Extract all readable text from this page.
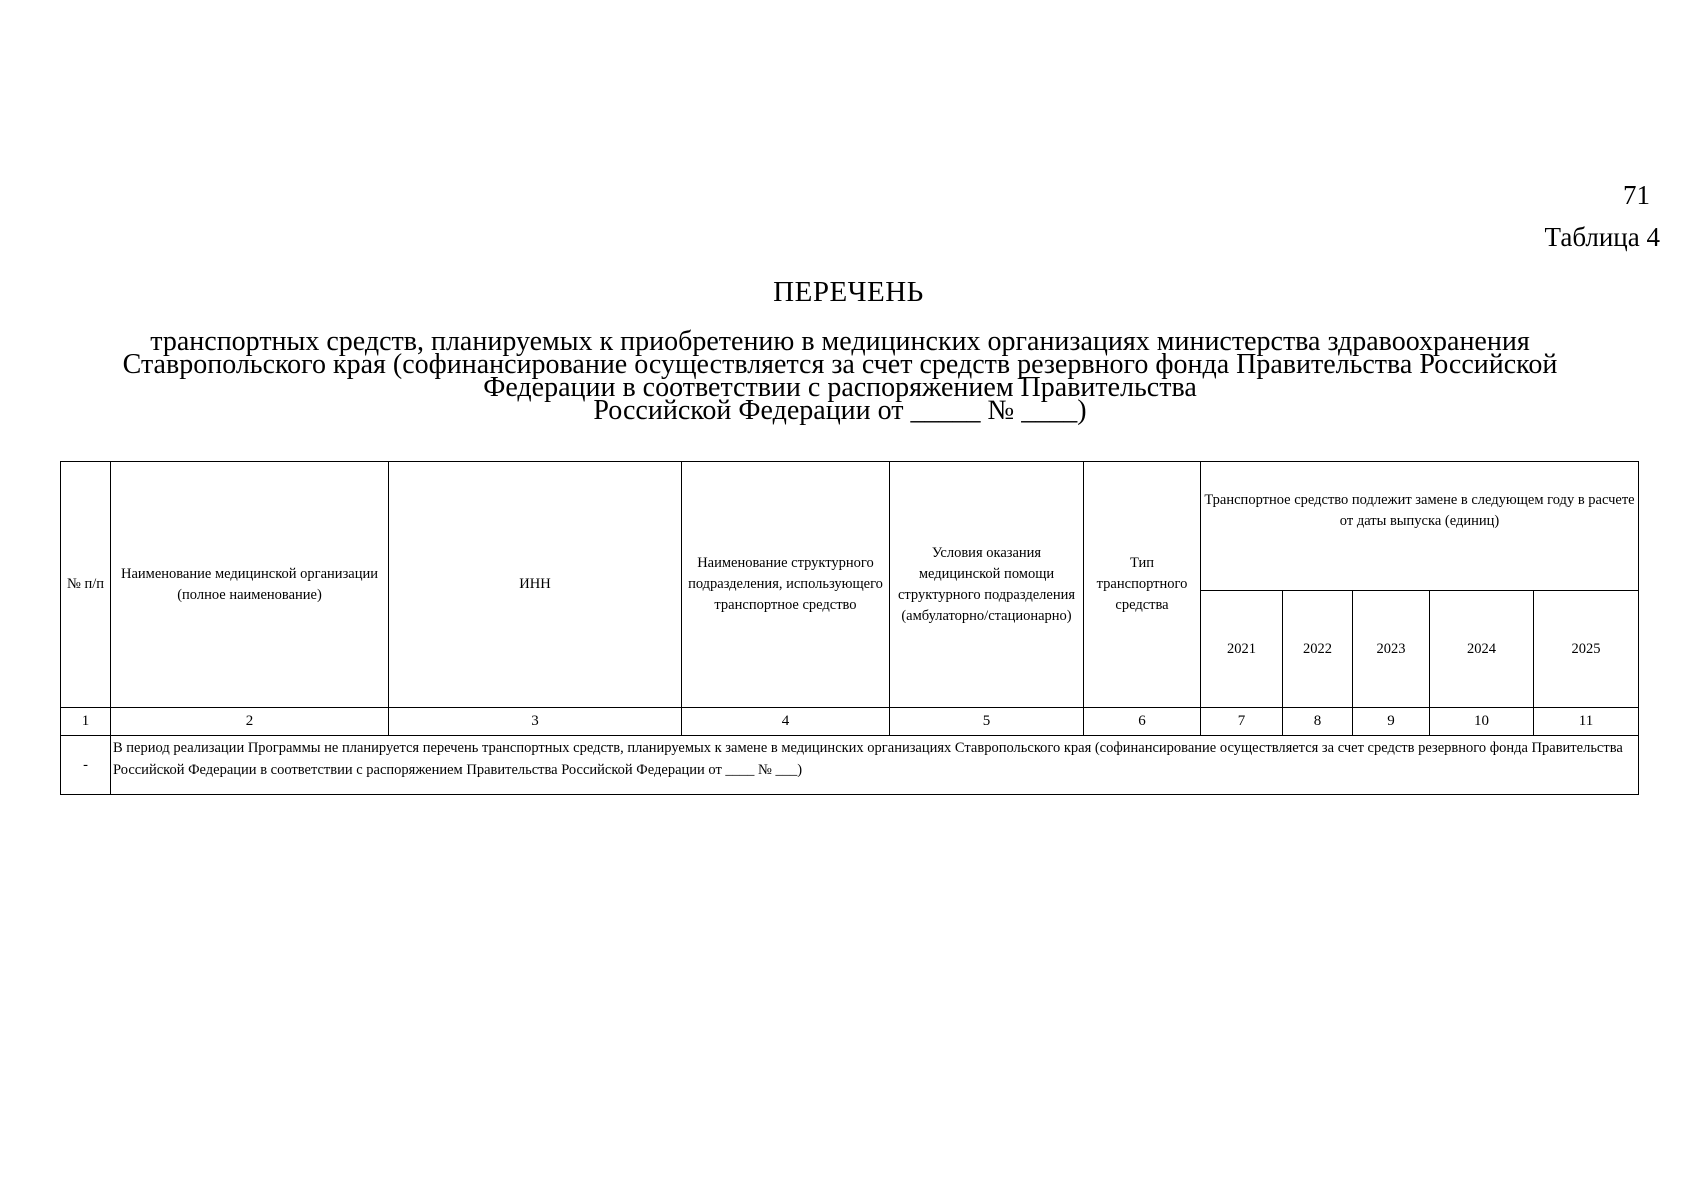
71
Таблица 4
ПЕРЕЧЕНЬ
транспортных средств, планируемых к приобретению в медицинских организациях министерства здравоохранения
Ставропольского края (софинансирование осуществляется за счет средств резервного фонда Правительства Российской
Федерации в соответствии с распоряжением Правительства
Российской Федерации от _____ № ____)
№ п/п	Наименование медицинской организации (полное наименование)	ИНН	Наименование структурного подразделения, использующего транспортное средство	Условия оказания медицинской помощи структурного подразделения (амбулаторно/стационарно)	Тип транспортного средства	Транспортное средство подлежит замене в следующем году в расчете от даты выпуска (единиц)				
						2021	2022	2023	2024	2025
1	2	3	4	5	6	7	8	9	10	11
-	В период реализации Программы не планируется перечень транспортных средств, планируемых к замене в медицинских организациях Ставропольского края (софинансирование осуществляется за счет средств резервного фонда Правительства Российской Федерации в соответствии с распоряжением Правительства Российской Федерации от ____ № ___)									
